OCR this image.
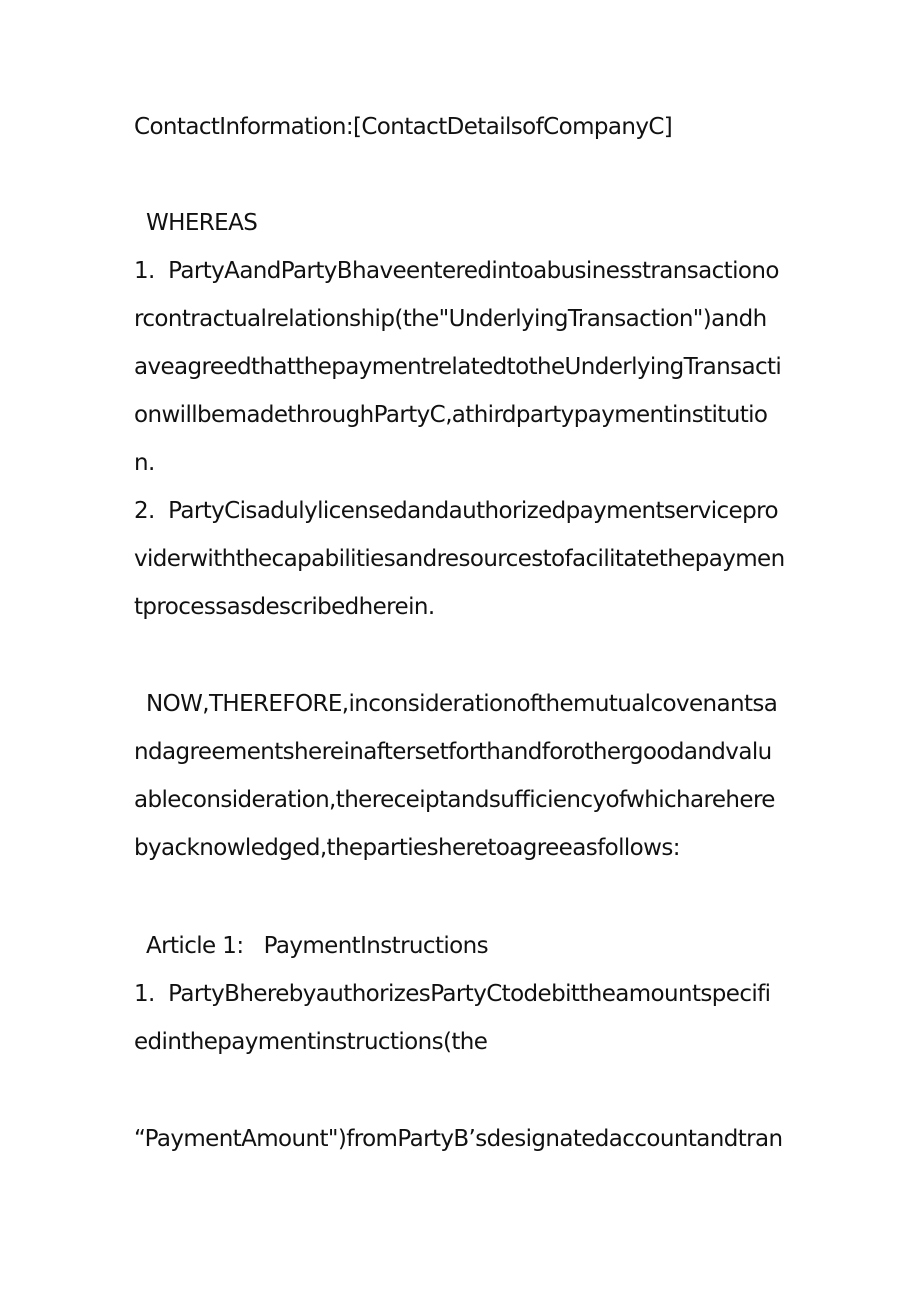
ContactInformation:[ContactDetailsofCompanyC]
WHEREAS
1.  PartyAandPartyBhaveenteredintoabusinesstransactiono
rcontractualrelationship(the"UnderlyingTransaction")andh
aveagreedthatthepaymentrelatedtotheUnderlyingTransacti
onwillbemadethroughPartyC‚athirdpartypaymentinstitutio
n.
2.  PartyCisadulylicensedandauthorizedpaymentservicepro
viderwiththecapabilitiesandresourcestofacilitatethepaymen
tprocessasdescribedherein.
NOW,THEREFORE,inconsiderationofthemutualcovenantsa
ndagreementshereinaftersetforthandforothergoodandvalu
ableconsideration,thereceiptandsufficiencyofwhicharehere
byacknowledged,thepartiesheretoagreeasfollows:
Article 1:   PaymentInstructions
1.  PartyBherebyauthorizesPartyCtodebittheamountspecifi
edinthepaymentinstructions(the
“PaymentAmount")fromPartyB’sdesignatedaccountandtran
